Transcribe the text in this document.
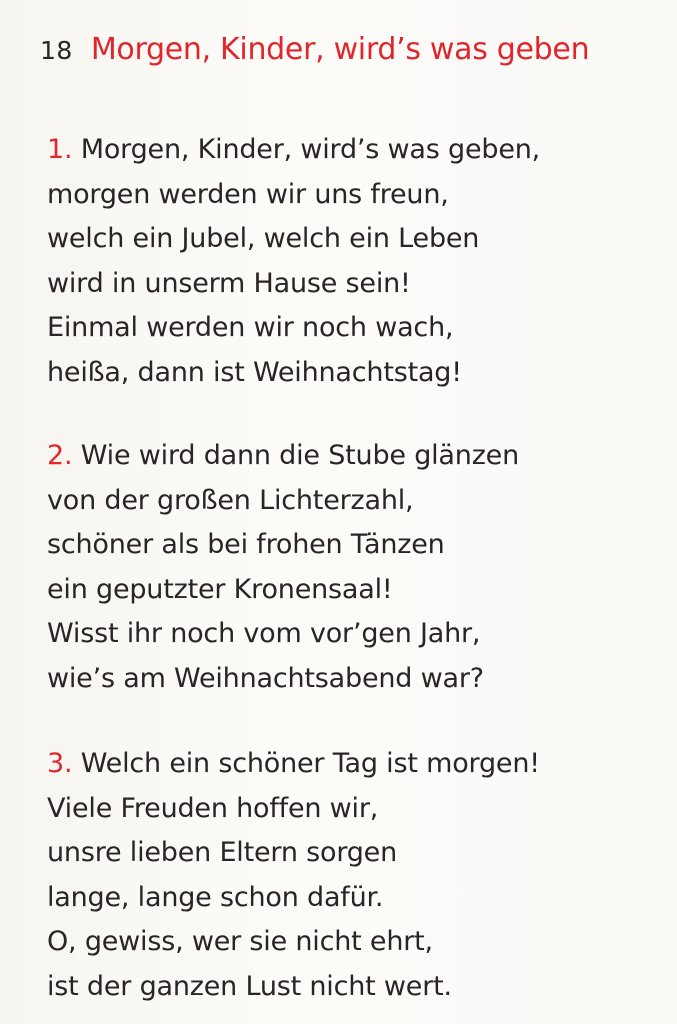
18 Morgen, Kinder, wird’s was geben
1. Morgen, Kinder, wird’s was geben,
morgen werden wir uns freun,
welch ein Jubel, welch ein Leben
wird in unserm Hause sein!
Einmal werden wir noch wach,
heißa, dann ist Weihnachtstag!
2. Wie wird dann die Stube glänzen
von der großen Lichterzahl,
schöner als bei frohen Tänzen
ein geputzter Kronensaal!
Wisst ihr noch vom vor’gen Jahr,
wie’s am Weihnachtsabend war?
3. Welch ein schöner Tag ist morgen!
Viele Freuden hoffen wir,
unsre lieben Eltern sorgen
lange, lange schon dafür.
O, gewiss, wer sie nicht ehrt,
ist der ganzen Lust nicht wert.
